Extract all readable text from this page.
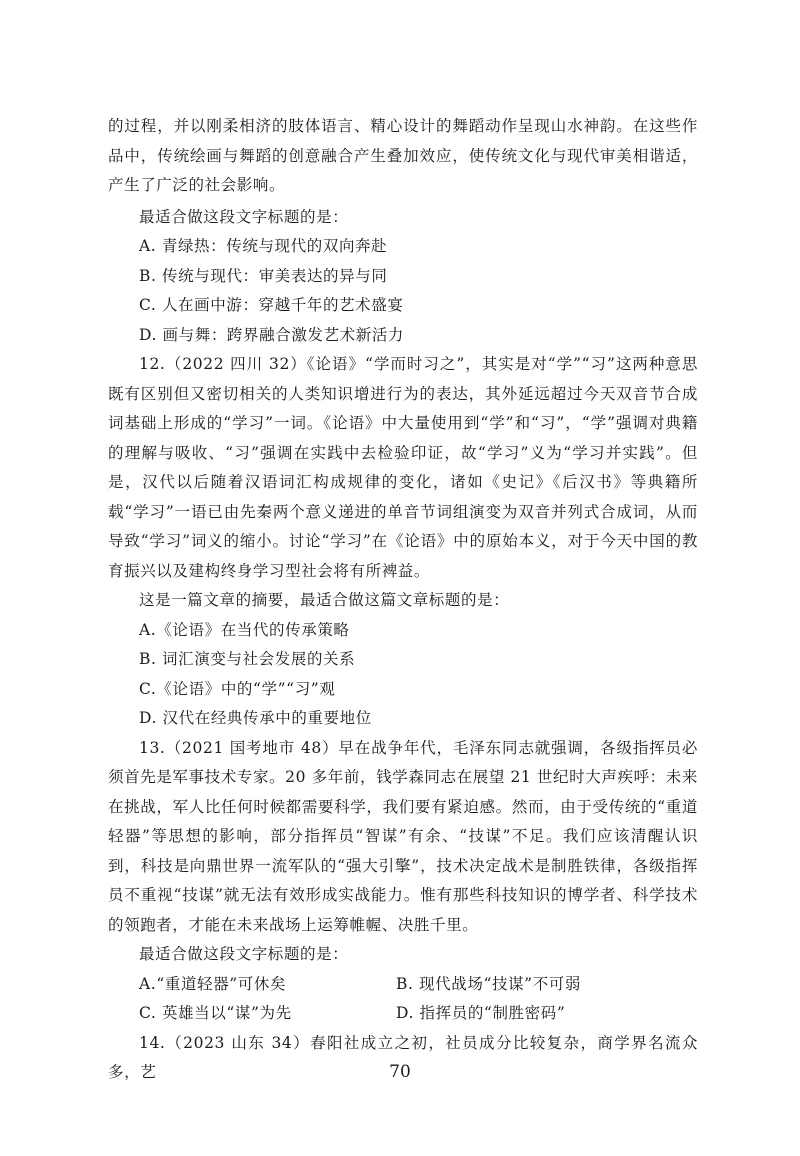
的过程，并以刚柔相济的肢体语言、精心设计的舞蹈动作呈现山水神韵。在这些作品中，传统绘画与舞蹈的创意融合产生叠加效应，使传统文化与现代审美相谐适，产生了广泛的社会影响。

最适合做这段文字标题的是：

A. 青绿热：传统与现代的双向奔赴

B. 传统与现代：审美表达的异与同

C. 人在画中游：穿越千年的艺术盛宴

D. 画与舞：跨界融合激发艺术新活力

12.（2022 四川 32）《论语》“学而时习之”，其实是对“学”“习”这两种意思既有区别但又密切相关的人类知识增进行为的表达，其外延远超过今天双音节合成词基础上形成的“学习”一词。《论语》中大量使用到“学”和“习”，“学”强调对典籍的理解与吸收、“习”强调在实践中去检验印证，故“学习”义为“学习并实践”。但是，汉代以后随着汉语词汇构成规律的变化，诸如《史记》《后汉书》等典籍所载“学习”一语已由先秦两个意义递进的单音节词组演变为双音并列式合成词，从而导致“学习”词义的缩小。讨论“学习”在《论语》中的原始本义，对于今天中国的教育振兴以及建构终身学习型社会将有所裨益。

这是一篇文章的摘要，最适合做这篇文章标题的是：

A.《论语》在当代的传承策略

B. 词汇演变与社会发展的关系

C.《论语》中的“学”“习”观

D. 汉代在经典传承中的重要地位

13.（2021 国考地市 48）早在战争年代，毛泽东同志就强调，各级指挥员必须首先是军事技术专家。20 多年前，钱学森同志在展望 21 世纪时大声疾呼：未来在挑战，军人比任何时候都需要科学，我们要有紧迫感。然而，由于受传统的“重道轻器”等思想的影响，部分指挥员“智谋”有余、“技谋”不足。我们应该清醒认识到，科技是向鼎世界一流军队的“强大引擎”，技术决定战术是制胜铁律，各级指挥员不重视“技谋”就无法有效形成实战能力。惟有那些科技知识的博学者、科学技术的领跑者，才能在未来战场上运筹帷幄、决胜千里。

最适合做这段文字标题的是：

A.“重道轻器”可休矣	B. 现代战场“技谋”不可弱
C. 英雄当以“谋”为先	D. 指挥员的“制胜密码”

14.（2023 山东 34）春阳社成立之初，社员成分比较复杂，商学界名流众多，艺	70
